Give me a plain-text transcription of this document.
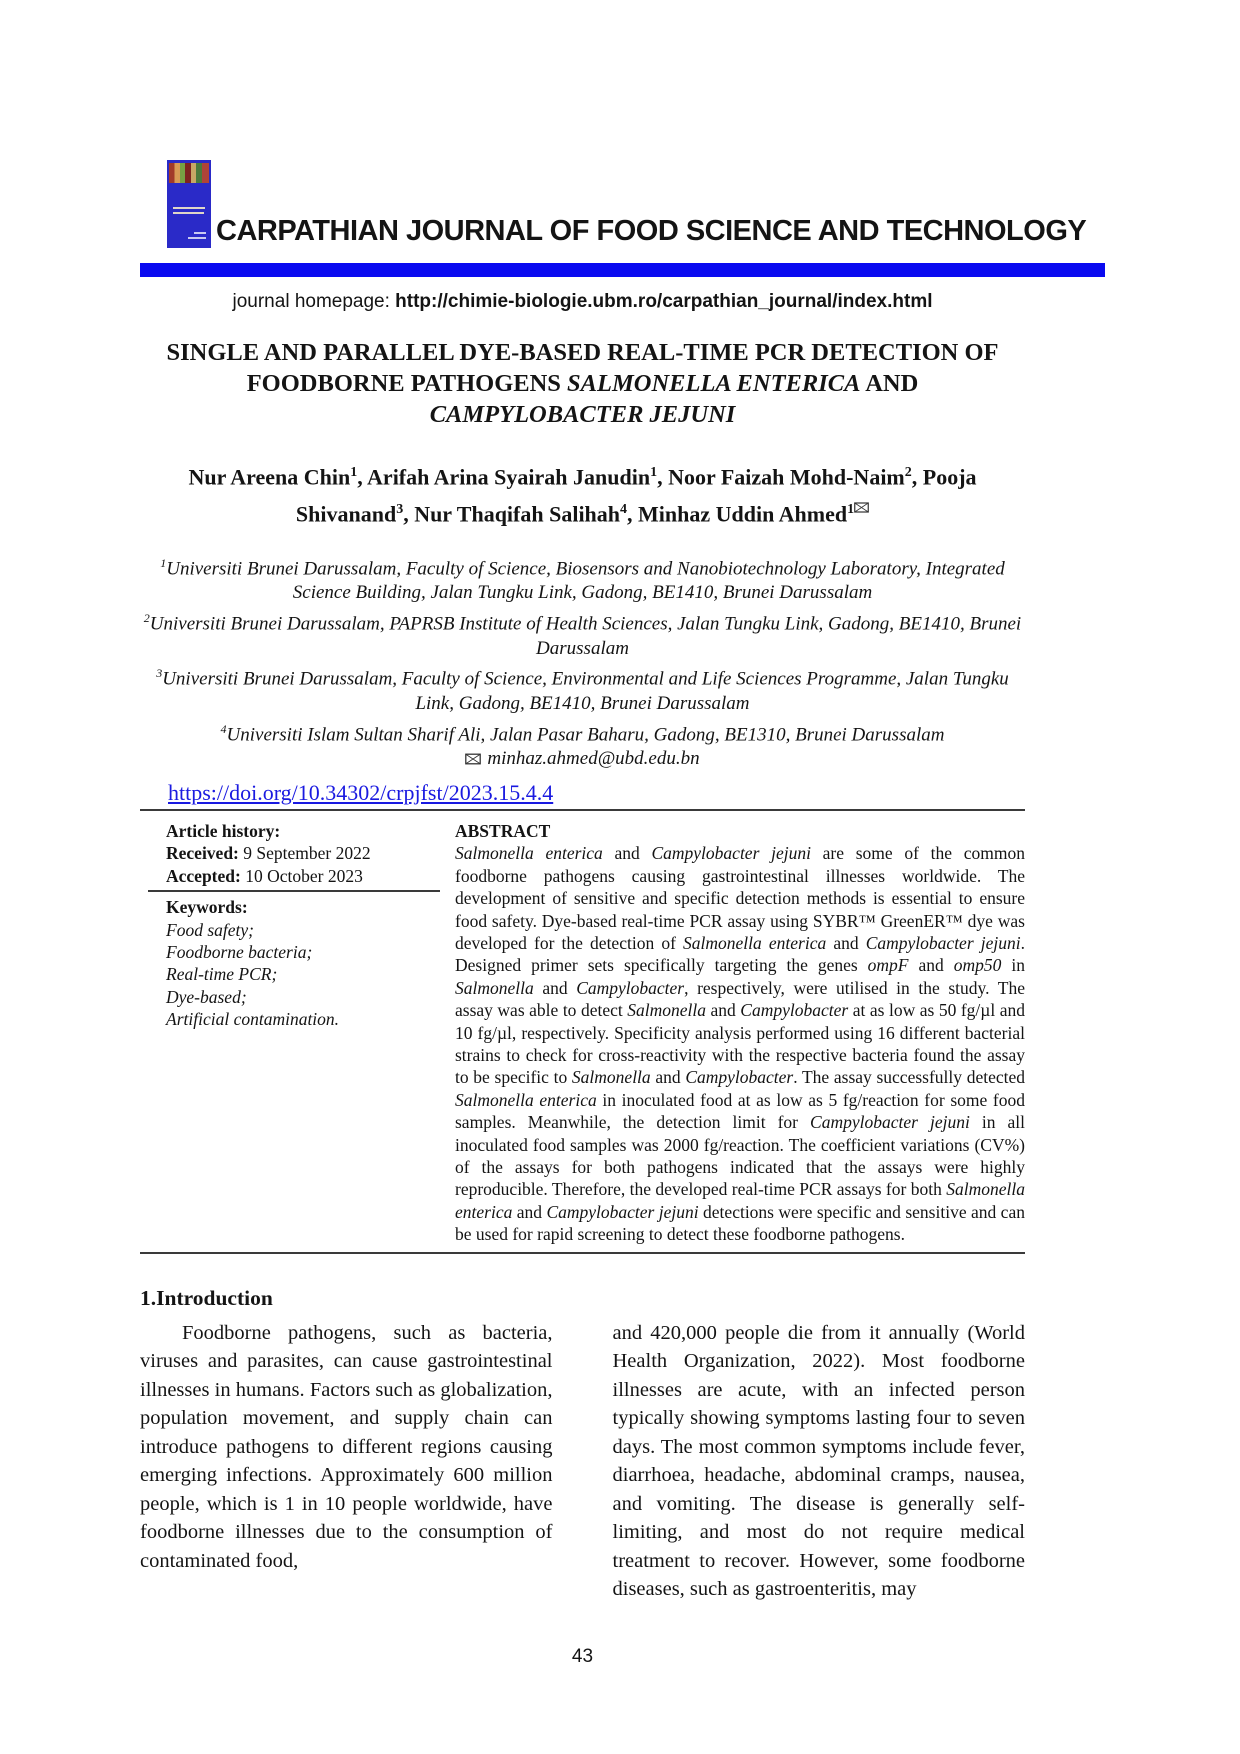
CARPATHIAN JOURNAL OF FOOD SCIENCE AND TECHNOLOGY

journal homepage: http://chimie-biologie.ubm.ro/carpathian_journal/index.html

SINGLE AND PARALLEL DYE-BASED REAL-TIME PCR DETECTION OF
FOODBORNE PATHOGENS SALMONELLA ENTERICA AND
CAMPYLOBACTER JEJUNI

Nur Areena Chin$^1$, Arifah Arina Syairah Janudin$^1$, Noor Faizah Mohd-Naim$^2$, Pooja Shivanand$^3$, Nur Thaqifah Salihah$^4$, Minhaz Uddin Ahmed$^1$

$^1$Universiti Brunei Darussalam, Faculty of Science, Biosensors and Nanobiotechnology Laboratory, Integrated Science Building, Jalan Tungku Link, Gadong, BE1410, Brunei Darussalam

$^2$Universiti Brunei Darussalam, PAPRSB Institute of Health Sciences, Jalan Tungku Link, Gadong, BE1410, Brunei Darussalam

$^3$Universiti Brunei Darussalam, Faculty of Science, Environmental and Life Sciences Programme, Jalan Tungku Link, Gadong, BE1410, Brunei Darussalam

$^4$Universiti Islam Sultan Sharif Ali, Jalan Pasar Baharu, Gadong, BE1310, Brunei Darussalam

minhaz.ahmed@ubd.edu.bn

https://doi.org/10.34302/crpjfst/2023.15.4.4

Article history:

Received: 9 September 2022

Accepted: 10 October 2023

Keywords:

Food safety;

Foodborne bacteria;

Real-time PCR;

Dye-based;

Artificial contamination.

ABSTRACT

Salmonella enterica and Campylobacter jejuni are some of the common foodborne pathogens causing gastrointestinal illnesses worldwide. The development of sensitive and specific detection methods is essential to ensure food safety. Dye-based real-time PCR assay using SYBR™ GreenER™ dye was developed for the detection of Salmonella enterica and Campylobacter jejuni. Designed primer sets specifically targeting the genes ompF and omp50 in Salmonella and Campylobacter, respectively, were utilised in the study. The assay was able to detect Salmonella and Campylobacter at as low as 50 fg/µl and 10 fg/µl, respectively. Specificity analysis performed using 16 different bacterial strains to check for cross-reactivity with the respective bacteria found the assay to be specific to Salmonella and Campylobacter. The assay successfully detected Salmonella enterica in inoculated food at as low as 5 fg/reaction for some food samples. Meanwhile, the detection limit for Campylobacter jejuni in all inoculated food samples was 2000 fg/reaction. The coefficient variations (CV%) of the assays for both pathogens indicated that the assays were highly reproducible. Therefore, the developed real-time PCR assays for both Salmonella enterica and Campylobacter jejuni detections were specific and sensitive and can be used for rapid screening to detect these foodborne pathogens.

1.Introduction

Foodborne pathogens, such as bacteria, viruses and parasites, can cause gastrointestinal illnesses in humans. Factors such as globalization, population movement, and supply chain can introduce pathogens to different regions causing emerging infections. Approximately 600 million people, which is 1 in 10 people worldwide, have foodborne illnesses due to the consumption of contaminated food,

and 420,000 people die from it annually (World Health Organization, 2022). Most foodborne illnesses are acute, with an infected person typically showing symptoms lasting four to seven days. The most common symptoms include fever, diarrhoea, headache, abdominal cramps, nausea, and vomiting. The disease is generally self-limiting, and most do not require medical treatment to recover. However, some foodborne diseases, such as gastroenteritis, may

43
